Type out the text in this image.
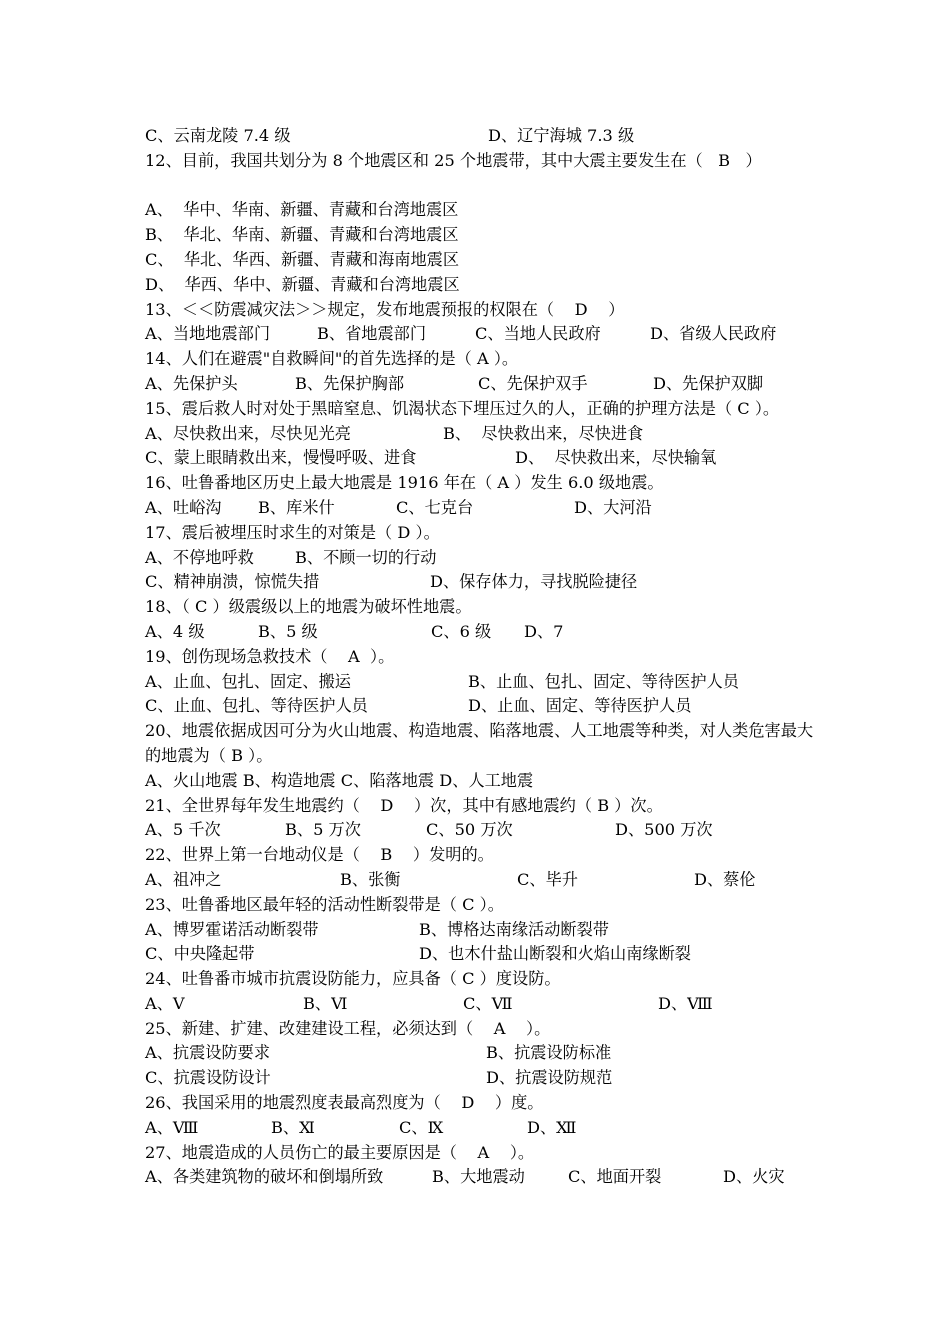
C、云南龙陵 7.4 级

	D、辽宁海城 7.3 级

12、目前，我国共划分为 8 个地震区和 25 个地震带，其中大震主要发生在（   B   ）
A、  华中、华南、新疆、青藏和台湾地震区
B、  华北、华南、新疆、青藏和台湾地震区
C、  华北、华西、新疆、青藏和海南地震区
D、  华西、华中、新疆、青藏和台湾地震区
13、＜＜防震减灾法＞＞规定，发布地震预报的权限在（    D    ）

A、当地地震部门

	B、省地震部门

	C、当地人民政府

	D、省级人民政府

14、人们在避震"自救瞬间"的首先选择的是（ A ）。

A、先保护头

	B、先保护胸部

	C、先保护双手

	D、先保护双脚

15、震后救人时对处于黑暗窒息、饥渴状态下埋压过久的人，正确的护理方法是（ C ）。

A、尽快救出来，尽快见光亮

	B、  尽快救出来，尽快进食

C、蒙上眼睛救出来，慢慢呼吸、进食

	D、  尽快救出来，尽快输氧

16、吐鲁番地区历史上最大地震是 1916 年在（ A ）发生 6.0 级地震。

A、吐峪沟

B、库米什

	C、七克台

	D、大河沿

17、震后被埋压时求生的对策是（ D ）。

A、不停地呼救

	B、不顾一切的行动

C、精神崩溃，惊慌失措

	D、保存体力，寻找脱险捷径

18、（ C ）级震级以上的地震为破坏性地震。

A、4 级

	B、5 级

	C、6 级

D、7

19、创伤现场急救技术（    A  ）。

A、止血、包扎、固定、搬运

	B、止血、包扎、固定、等待医护人员

C、止血、包扎、等待医护人员

	D、止血、固定、等待医护人员

20、地震依据成因可分为火山地震、构造地震、陷落地震、人工地震等种类，对人类危害最大的地震为（ B ）。
A、火山地震 B、构造地震 C、陷落地震 D、人工地震
21、全世界每年发生地震约（    D    ）次，其中有感地震约（ B ）次。

A、5 千次

	B、5 万次

	C、50 万次

	D、500 万次

22、世界上第一台地动仪是（    B    ）发明的。

A、祖冲之

	B、张衡

	C、毕升

	D、蔡伦

23、吐鲁番地区最年轻的活动性断裂带是（ C ）。

A、博罗霍诺活动断裂带

	B、博格达南缘活动断裂带

C、中央隆起带

	D、也木什盐山断裂和火焰山南缘断裂

24、吐鲁番市城市抗震设防能力，应具备（ C ）度设防。

A、Ⅴ

	B、Ⅵ

	C、Ⅶ

	D、Ⅷ

25、新建、扩建、改建建设工程，必须达到（    A    ）。

A、抗震设防要求

	B、抗震设防标准

C、抗震设防设计

	D、抗震设防规范

26、我国采用的地震烈度表最高烈度为（    D    ）度。

A、Ⅷ

	B、Ⅺ

	C、Ⅸ

	D、Ⅻ

27、地震造成的人员伤亡的最主要原因是（    A    ）。

A、各类建筑物的破坏和倒塌所致

	B、大地震动

	C、地面开裂

	D、火灾
